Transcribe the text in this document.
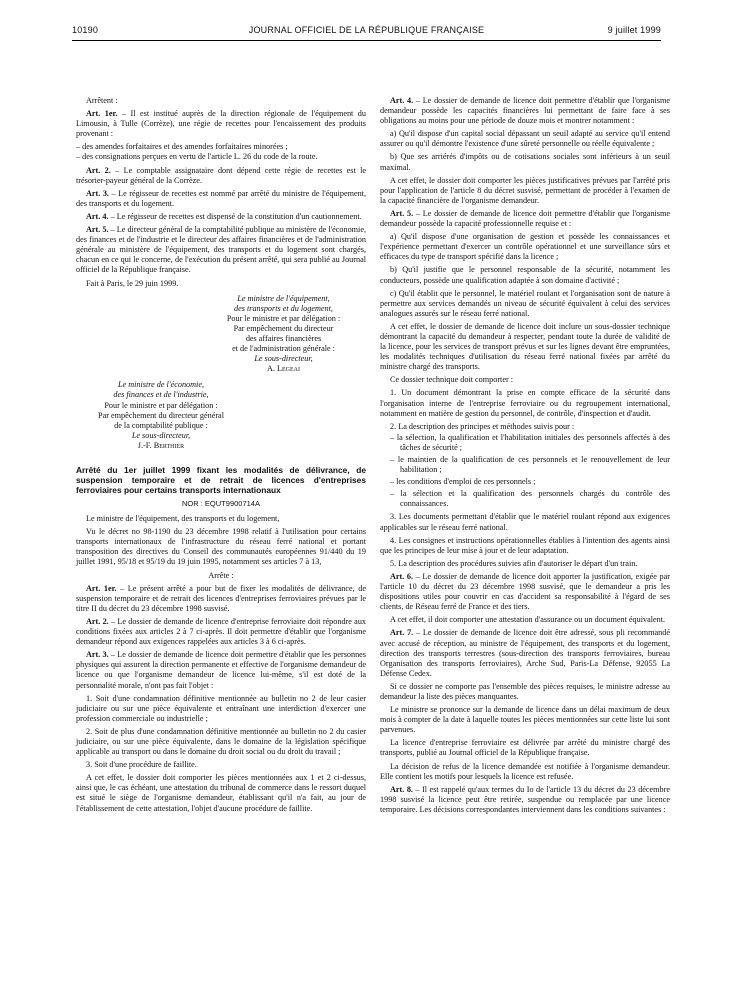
10190	JOURNAL OFFICIEL DE LA RÉPUBLIQUE FRANÇAISE	9 juillet 1999

Arrêtent :

Art. 1er. – Il est institué auprès de la direction régionale de l'équipement du Limousin, à Tulle (Corrèze), une régie de recettes pour l'encaissement des produits provenant :

– des amendes forfaitaires et des amendes forfaitaires minorées ;

– des consignations perçues en vertu de l'article L. 26 du code de la route.

Art. 2. – Le comptable assignataire dont dépend cette régie de recettes est le trésorier-payeur général de la Corrèze.

Art. 3. – Le régisseur de recettes est nommé par arrêté du ministre de l'équipement, des transports et du logement.

Art. 4. – Le régisseur de recettes est dispensé de la constitution d'un cautionnement.

Art. 5. – Le directeur général de la comptabilité publique au ministère de l'économie, des finances et de l'industrie et le directeur des affaires financières et de l'administration générale au ministère de l'équipement, des transports et du logement sont chargés, chacun en ce qui le concerne, de l'exécution du présent arrêté, qui sera publié au Journal officiel de la République française.

Fait à Paris, le 29 juin 1999.

Le ministre de l'équipement,
des transports et du logement,
Pour le ministre et par délégation :
Par empêchement du directeur
des affaires financières
et de l'administration générale :
Le sous-directeur,
A. Legeai
Le ministre de l'économie,
des finances et de l'industrie,
Pour le ministre et par délégation :
Par empêchement du directeur général
de la comptabilité publique :
Le sous-directeur,
J.-F. Berthier

Arrêté du 1er juillet 1999 fixant les modalités de délivrance, de suspension temporaire et de retrait de licences d'entreprises ferroviaires pour certains transports internationaux

NOR : EQUT9900714A

Le ministre de l'équipement, des transports et du logement,

Vu le décret no 98-1190 du 23 décembre 1998 relatif à l'utilisation pour certains transports internationaux de l'infrastructure du réseau ferré national et portant transposition des directives du Conseil des communautés européennes 91/440 du 19 juillet 1991, 95/18 et 95/19 du 19 juin 1995, notamment ses articles 7 à 13,

Arrête :

Art. 1er. – Le présent arrêté a pour but de fixer les modalités de délivrance, de suspension temporaire et de retrait des licences d'entreprises ferroviaires prévues par le titre II du décret du 23 décembre 1998 susvisé.

Art. 2. – Le dossier de demande de licence d'entreprise ferroviaire doit répondre aux conditions fixées aux articles 2 à 7 ci-après. Il doit permettre d'établir que l'organisme demandeur répond aux exigences rappelées aux articles 3 à 6 ci-après.

Art. 3. – Le dossier de demande de licence doit permettre d'établir que les personnes physiques qui assurent la direction permanente et effective de l'organisme demandeur de licence ou que l'organisme demandeur de licence lui-même, s'il est doté de la personnalité morale, n'ont pas fait l'objet :

1. Soit d'une condamnation définitive mentionnée au bulletin no 2 de leur casier judiciaire ou sur une pièce équivalente et entraînant une interdiction d'exercer une profession commerciale ou industrielle ;

2. Soit de plus d'une condamnation définitive mentionnée au bulletin no 2 du casier judiciaire, ou sur une pièce équivalente, dans le domaine de la législation spécifique applicable au transport ou dans le domaine du droit social ou du droit du travail ;

3. Soit d'une procédure de faillite.

A cet effet, le dossier doit comporter les pièces mentionnées aux 1 et 2 ci-dessus, ainsi que, le cas échéant, une attestation du tribunal de commerce dans le ressort duquel est situé le siège de l'organisme demandeur, établissant qu'il n'a fait, au jour de l'établissement de cette attestation, l'objet d'aucune procédure de faillite.

Art. 4. – Le dossier de demande de licence doit permettre d'établir que l'organisme demandeur possède les capacités financières lui permettant de faire face à ses obligations au moins pour une période de douze mois et montrer notamment :

a) Qu'il dispose d'un capital social dépassant un seuil adapté au service qu'il entend assurer ou qu'il démontre l'existence d'une sûreté personnelle ou réelle équivalente ;

b) Que ses arriérés d'impôts ou de cotisations sociales sont inférieurs à un seuil maximal.

A cet effet, le dossier doit comporter les pièces justificatives prévues par l'arrêté pris pour l'application de l'article 8 du décret susvisé, permettant de procéder à l'examen de la capacité financière de l'organisme demandeur.

Art. 5. – Le dossier de demande de licence doit permettre d'établir que l'organisme demandeur possède la capacité professionnelle requise et :

a) Qu'il dispose d'une organisation de gestion et possède les connaissances et l'expérience permettant d'exercer un contrôle opérationnel et une surveillance sûrs et efficaces du type de transport spécifié dans la licence ;

b) Qu'il justifie que le personnel responsable de la sécurité, notamment les conducteurs, possède une qualification adaptée à son domaine d'activité ;

c) Qu'il établit que le personnel, le matériel roulant et l'organisation sont de nature à permettre aux services demandés un niveau de sécurité équivalent à celui des services analogues assurés sur le réseau ferré national.

A cet effet, le dossier de demande de licence doit inclure un sous-dossier technique démontrant la capacité du demandeur à respecter, pendant toute la durée de validité de la licence, pour les services de transport prévus et sur les lignes devant être empruntées, les modalités techniques d'utilisation du réseau ferré national fixées par arrêté du ministre chargé des transports.

Ce dossier technique doit comporter :

1. Un document démontrant la prise en compte efficace de la sécurité dans l'organisation interne de l'entreprise ferroviaire ou du regroupement international, notamment en matière de gestion du personnel, de contrôle, d'inspection et d'audit.

2. La description des principes et méthodes suivis pour :

– la sélection, la qualification et l'habilitation initiales des personnels affectés à des tâches de sécurité ;

– le maintien de la qualification de ces personnels et le renouvellement de leur habilitation ;

– les conditions d'emploi de ces personnels ;

– la sélection et la qualification des personnels chargés du contrôle des connaissances.

3. Les documents permettant d'établir que le matériel roulant répond aux exigences applicables sur le réseau ferré national.

4. Les consignes et instructions opérationnelles établies à l'intention des agents ainsi que les principes de leur mise à jour et de leur adaptation.

5. La description des procédures suivies afin d'autoriser le départ d'un train.

Art. 6. – Le dossier de demande de licence doit apporter la justification, exigée par l'article 10 du décret du 23 décembre 1998 susvisé, que le demandeur a pris les dispositions utiles pour couvrir en cas d'accident sa responsabilité à l'égard de ses clients, de Réseau ferré de France et des tiers.

A cet effet, il doit comporter une attestation d'assurance ou un document équivalent.

Art. 7. – Le dossier de demande de licence doit être adressé, sous pli recommandé avec accusé de réception, au ministre de l'équipement, des transports et du logement, direction des transports terrestres (sous-direction des transports ferroviaires, bureau Organisation des transports ferroviaires), Arche Sud, Paris-La Défense, 92055 La Défense Cedex.

Si ce dossier ne comporte pas l'ensemble des pièces requises, le ministre adresse au demandeur la liste des pièces manquantes.

Le ministre se prononce sur la demande de licence dans un délai maximum de deux mois à compter de la date à laquelle toutes les pièces mentionnées sur cette liste lui sont parvenues.

La licence d'entreprise ferroviaire est délivrée par arrêté du ministre chargé des transports, publié au Journal officiel de la République française.

La décision de refus de la licence demandée est notifiée à l'organisme demandeur. Elle contient les motifs pour lesquels la licence est refusée.

Art. 8. – Il est rappelé qu'aux termes du Io de l'article 13 du décret du 23 décembre 1998 susvisé la licence peut être retirée, suspendue ou remplacée par une licence temporaire. Les décisions correspondantes interviennent dans les conditions suivantes :
